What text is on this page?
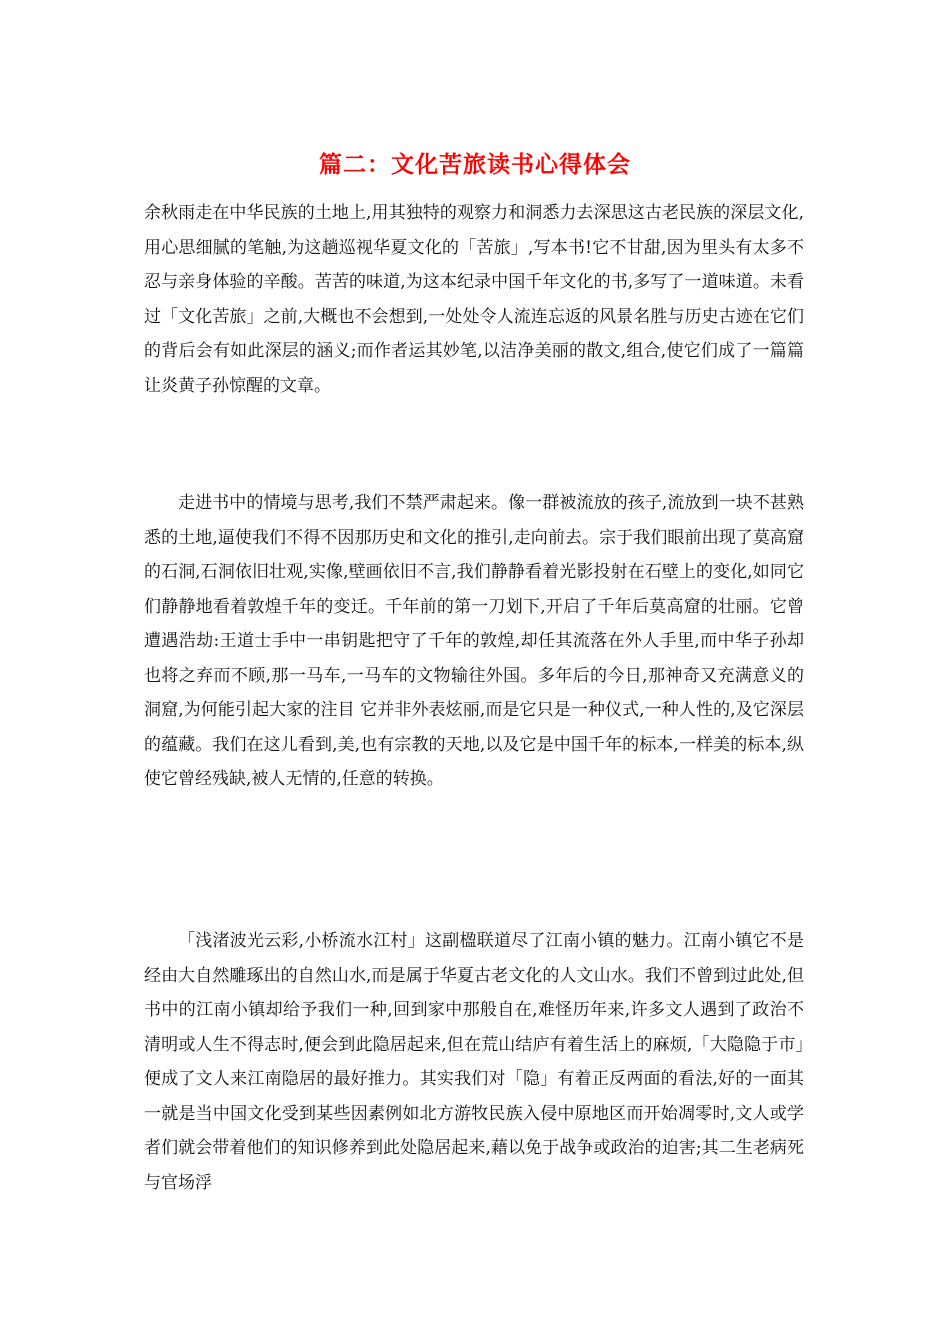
篇二：文化苦旅读书心得体会

余秋雨走在中华民族的土地上,用其独特的观察力和洞悉力去深思这古老民族的深层文化,用心思细腻的笔触,为这趟巡视华夏文化的「苦旅」,写本书!它不甘甜,因为里头有太多不忍与亲身体验的辛酸。苦苦的味道,为这本纪录中国千年文化的书,多写了一道味道。未看过「文化苦旅」之前,大概也不会想到,一处处令人流连忘返的风景名胜与历史古迹在它们的背后会有如此深层的涵义;而作者运其妙笔,以洁净美丽的散文,组合,使它们成了一篇篇让炎黄子孙惊醒的文章。

走进书中的情境与思考,我们不禁严肃起来。像一群被流放的孩子,流放到一块不甚熟悉的土地,逼使我们不得不因那历史和文化的推引,走向前去。宗于我们眼前出现了莫高窟的石洞,石洞依旧壮观,实像,壁画依旧不言,我们静静看着光影投射在石壁上的变化,如同它们静静地看着敦煌千年的变迁。千年前的第一刀划下,开启了千年后莫高窟的壮丽。它曾遭遇浩劫:王道士手中一串钥匙把守了千年的敦煌,却任其流落在外人手里,而中华子孙却也将之弃而不顾,那一马车,一马车的文物输往外国。多年后的今日,那神奇又充满意义的洞窟,为何能引起大家的注目 它并非外表炫丽,而是它只是一种仪式,一种人性的,及它深层的蕴藏。我们在这儿看到,美,也有宗教的天地,以及它是中国千年的标本,一样美的标本,纵使它曾经残缺,被人无情的,任意的转换。

「浅渚波光云彩,小桥流水江村」这副楹联道尽了江南小镇的魅力。江南小镇它不是经由大自然雕琢出的自然山水,而是属于华夏古老文化的人文山水。我们不曾到过此处,但书中的江南小镇却给予我们一种,回到家中那般自在,难怪历年来,许多文人遇到了政治不清明或人生不得志时,便会到此隐居起来,但在荒山结庐有着生活上的麻烦,「大隐隐于市」便成了文人来江南隐居的最好推力。其实我们对「隐」有着正反两面的看法,好的一面其一就是当中国文化受到某些因素例如北方游牧民族入侵中原地区而开始凋零时,文人或学者们就会带着他们的知识修养到此处隐居起来,藉以免于战争或政治的迫害;其二生老病死与官场浮
